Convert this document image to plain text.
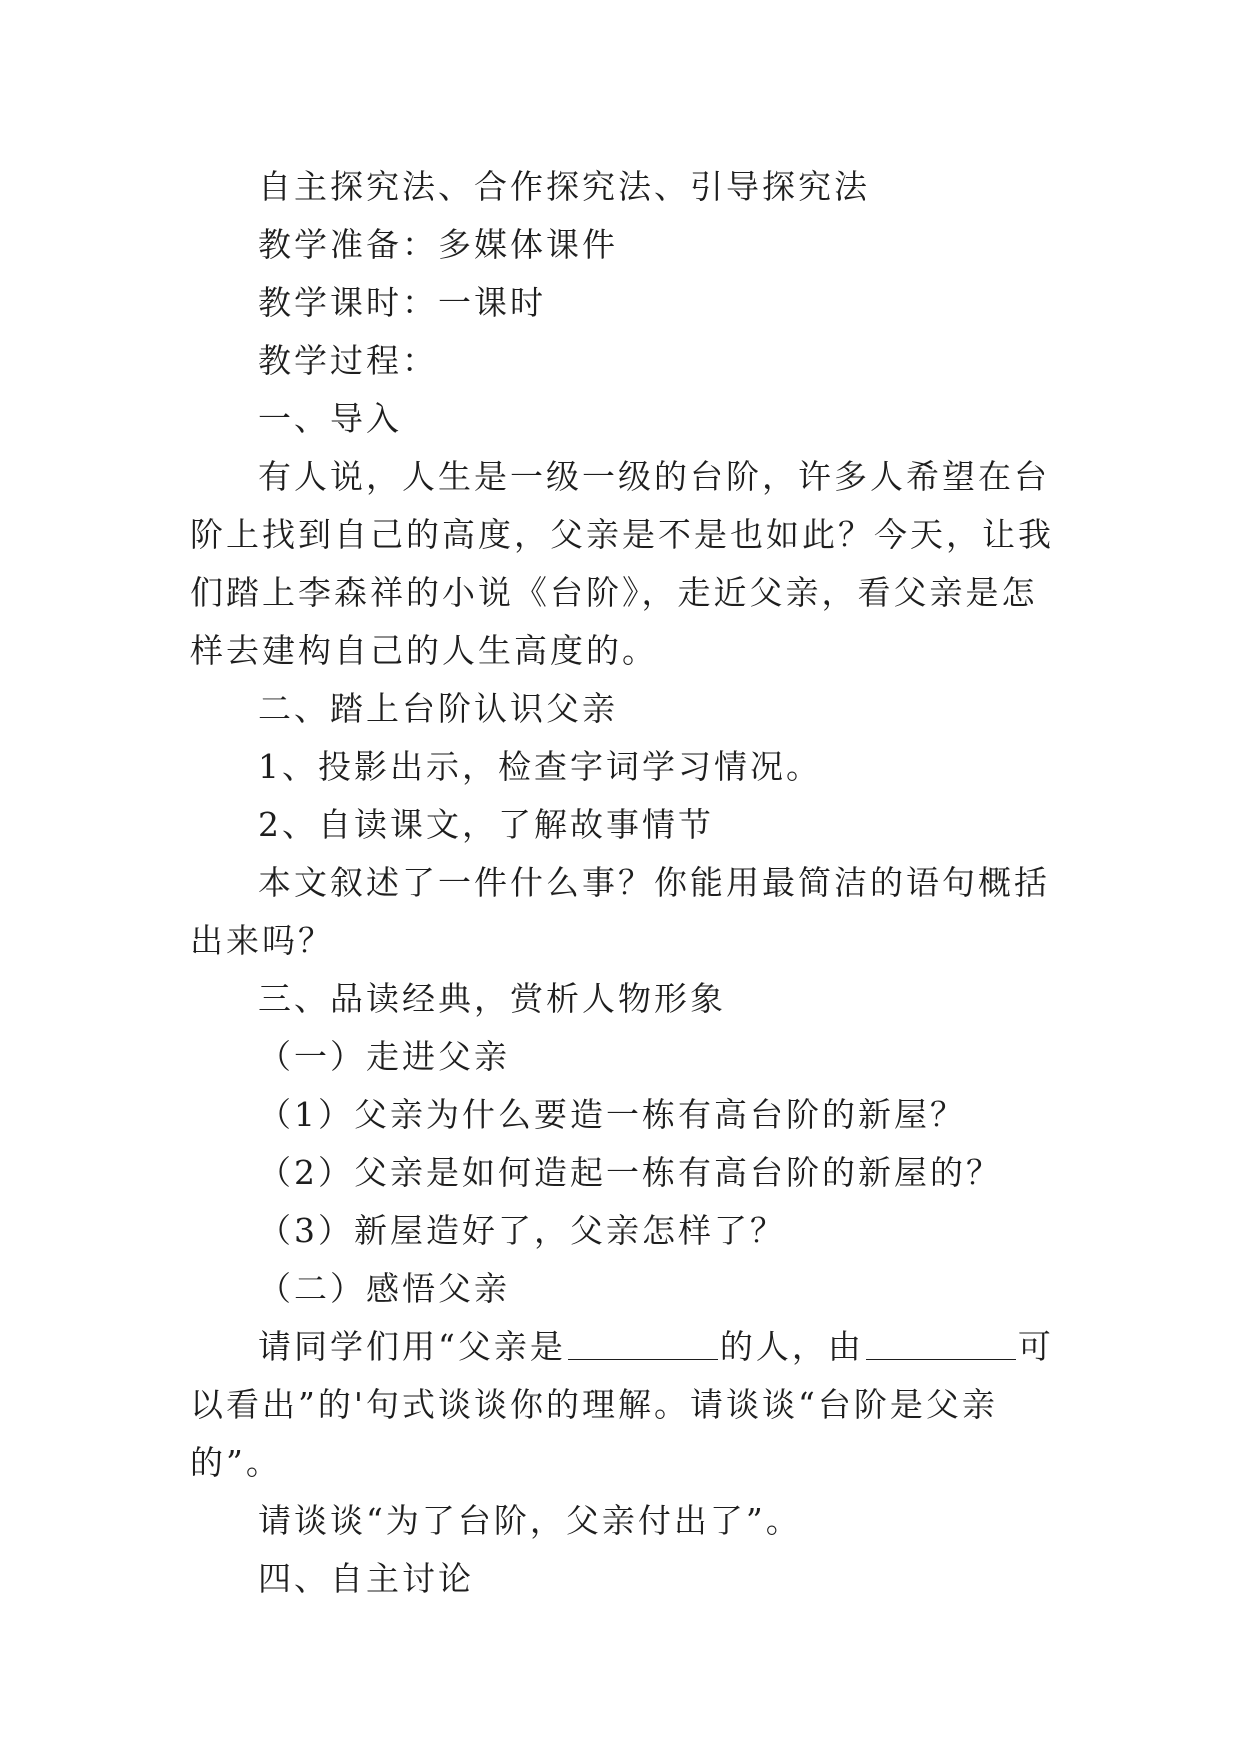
自主探究法、合作探究法、引导探究法

教学准备：多媒体课件

教学课时：一课时

教学过程：

一、导入

有人说，人生是一级一级的台阶，许多人希望在台阶上找到自己的高度，父亲是不是也如此？今天，让我们踏上李森祥的小说《台阶》，走近父亲，看父亲是怎样去建构自己的人生高度的。

二、踏上台阶认识父亲

1、投影出示，检查字词学习情况。

2、自读课文，了解故事情节

本文叙述了一件什么事？你能用最简洁的语句概括出来吗？

三、品读经典，赏析人物形象

（一）走进父亲

（1）父亲为什么要造一栋有高台阶的新屋？

（2）父亲是如何造起一栋有高台阶的新屋的？

（3）新屋造好了，父亲怎样了？

（二）感悟父亲

请同学们用“父亲是	的人，由	可以看出”的'句式谈谈你的理解。请谈谈“台阶是父亲的”。

请谈谈“为了台阶，父亲付出了”。

四、自主讨论
